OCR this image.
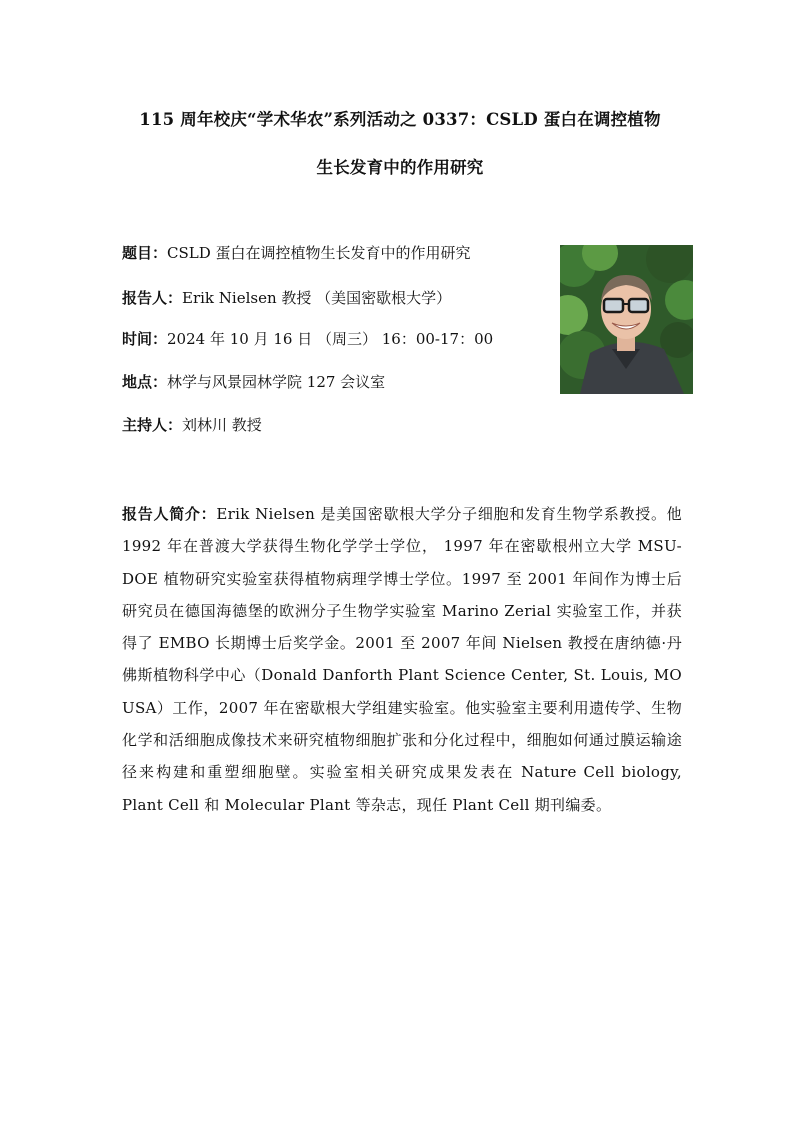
115 周年校庆“学术华农”系列活动之 0337：CSLD 蛋白在调控植物
生长发育中的作用研究
题目：CSLD 蛋白在调控植物生长发育中的作用研究
报告人：Erik Nielsen 教授 （美国密歇根大学）
时间：2024 年 10 月 16 日 （周三） 16：00-17：00
地点：林学与风景园林学院 127 会议室
主持人：刘林川 教授
报告人简介：Erik Nielsen 是美国密歇根大学分子细胞和发育生物学系教授。他 1992 年在普渡大学获得生物化学学士学位， 1997 年在密歇根州立大学 MSU-DOE 植物研究实验室获得植物病理学博士学位。1997 至 2001 年间作为博士后研究员在德国海德堡的欧洲分子生物学实验室 Marino Zerial 实验室工作，并获得了 EMBO 长期博士后奖学金。2001 至 2007 年间 Nielsen 教授在唐纳德·丹佛斯植物科学中心（Donald Danforth Plant Science Center, St. Louis, MO USA）工作，2007 年在密歇根大学组建实验室。他实验室主要利用遗传学、生物化学和活细胞成像技术来研究植物细胞扩张和分化过程中，细胞如何通过膜运输途径来构建和重塑细胞壁。实验室相关研究成果发表在 Nature Cell biology, Plant Cell 和 Molecular Plant 等杂志，现任 Plant Cell 期刊编委。
